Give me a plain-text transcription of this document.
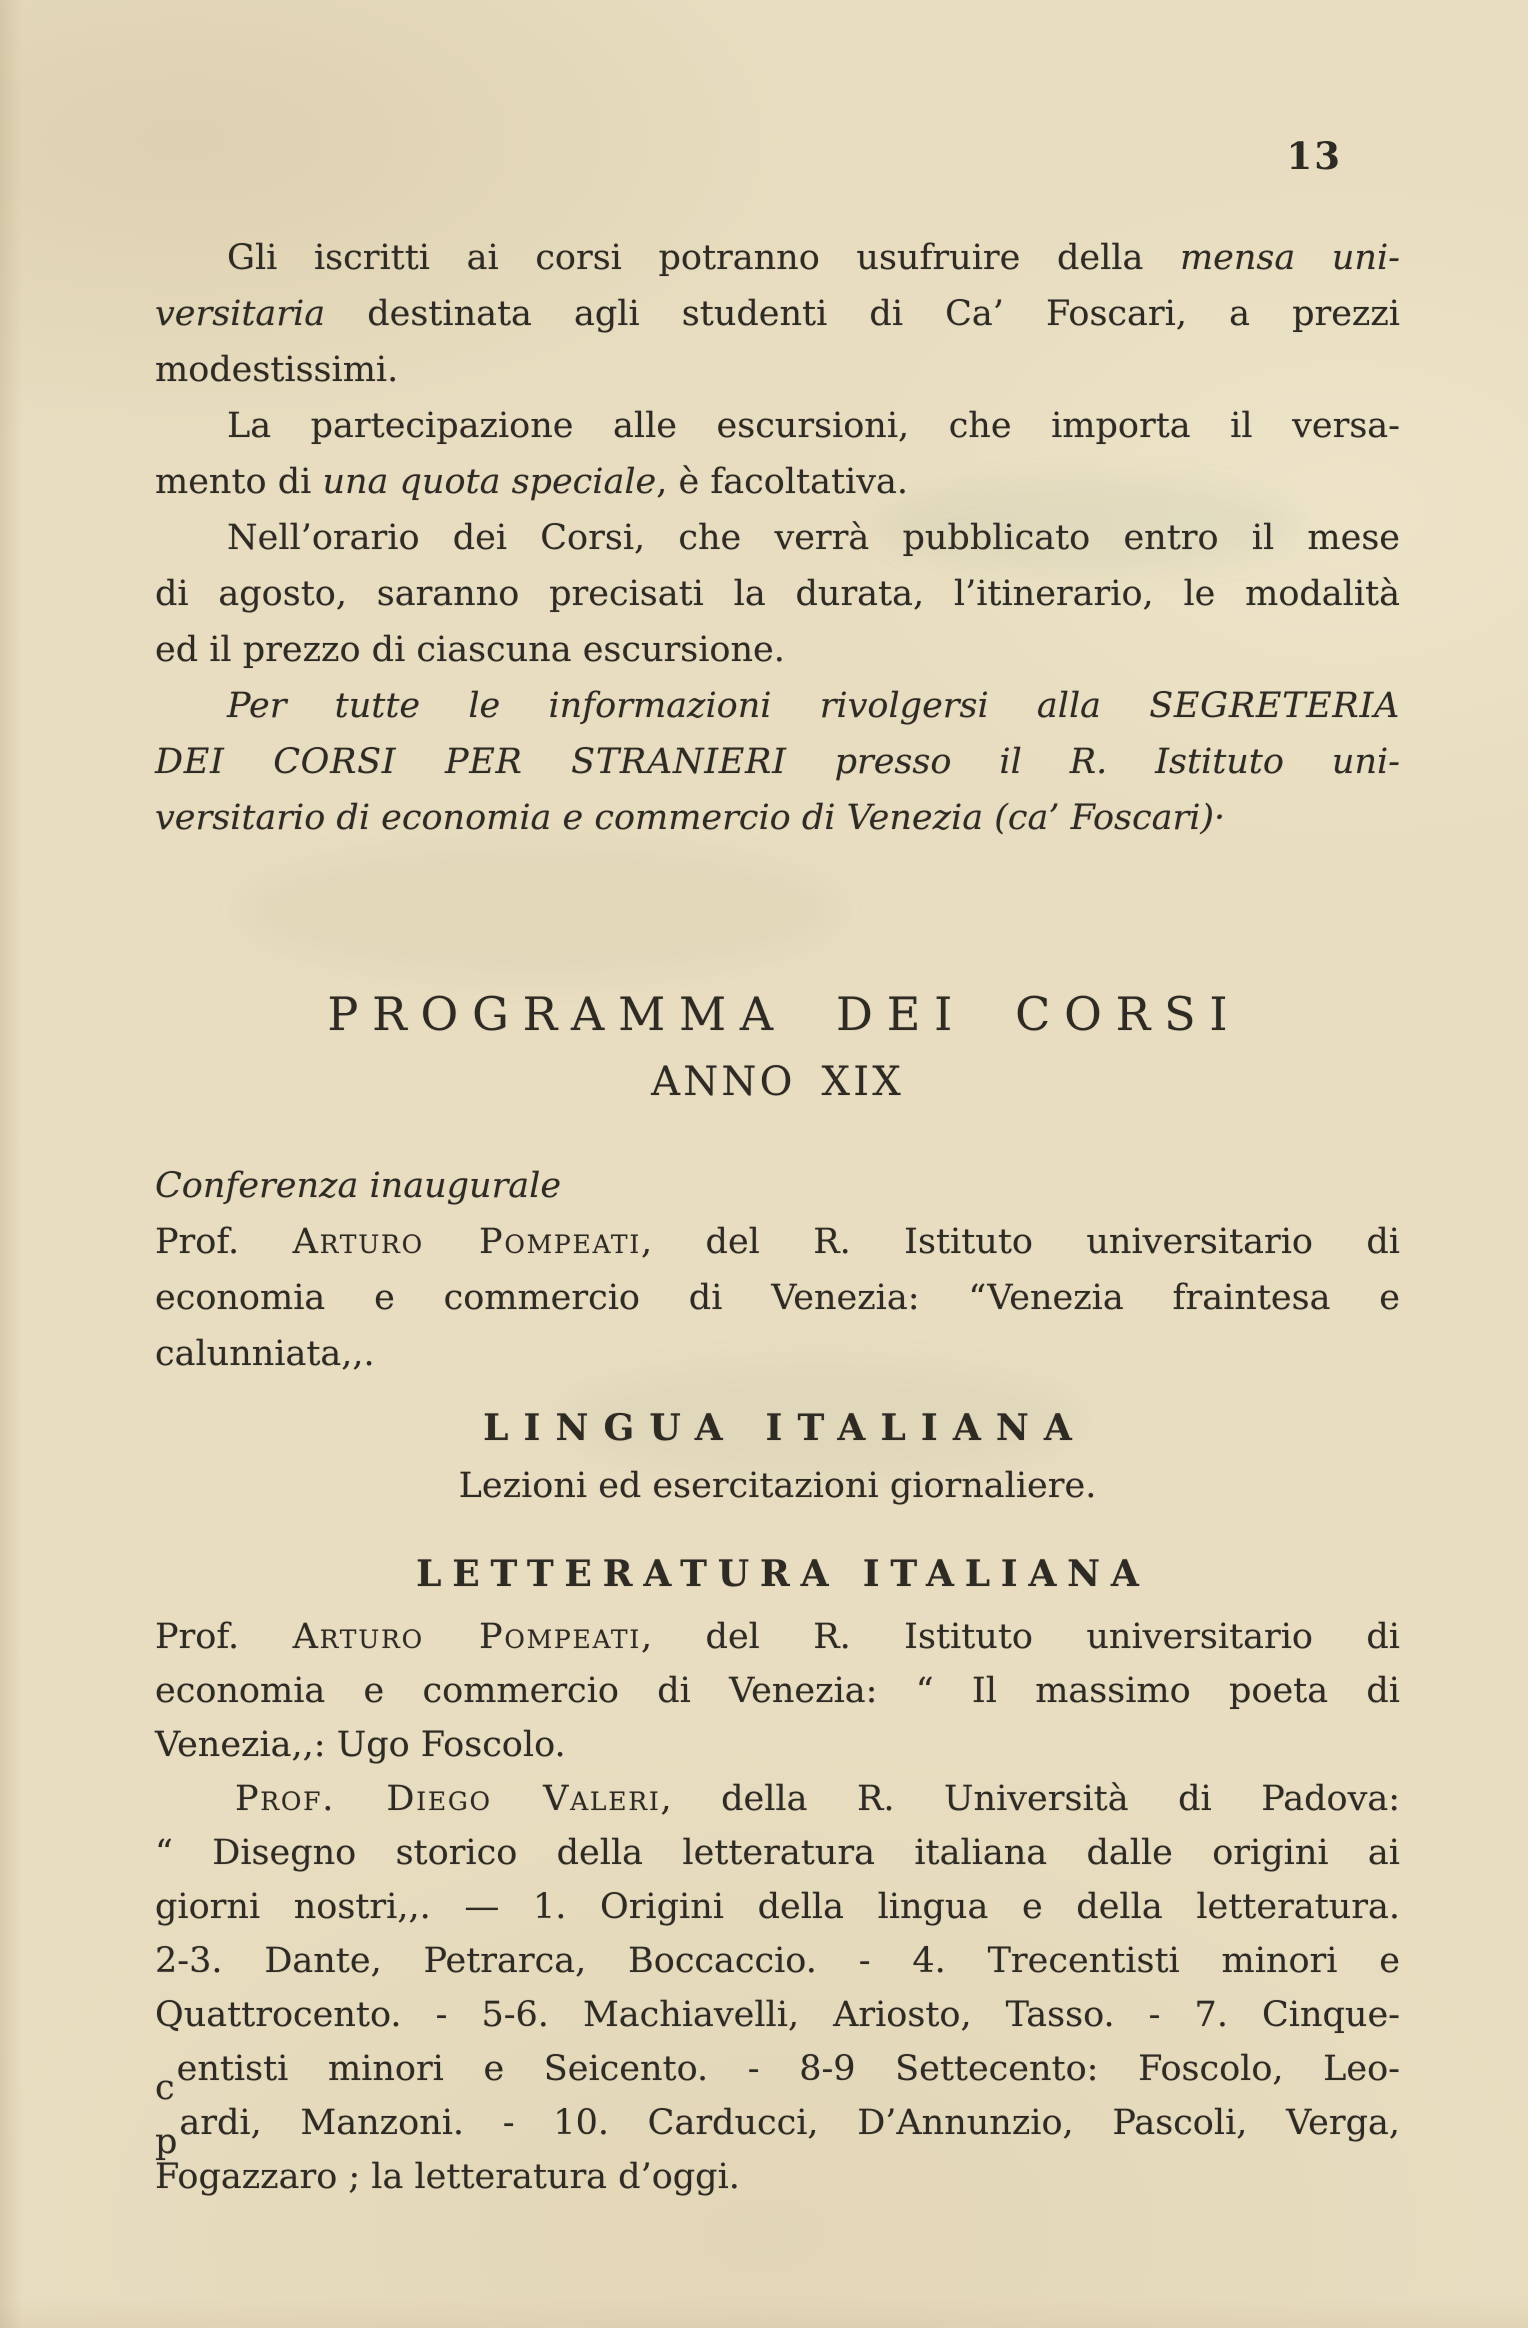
13
Gli iscritti ai corsi potranno usufruire della mensa uni-
versitaria destinata agli studenti di Ca’ Foscari, a prezzi
modestissimi.
La partecipazione alle escursioni, che importa il versa-
mento di una quota speciale, è facoltativa.
Nell’orario dei Corsi, che verrà pubblicato entro il mese
di agosto, saranno precisati la durata, l’itinerario, le modalità
ed il prezzo di ciascuna escursione.
Per tutte le informazioni rivolgersi alla SEGRETERIA
DEI CORSI PER STRANIERI presso il R. Istituto uni-
versitario di economia e commercio di Venezia (ca’ Foscari)·
PROGRAMMA DEI CORSI
ANNO XIX
Conferenza inaugurale
Prof. Arturo Pompeati, del R. Istituto universitario di
economia e commercio di Venezia: “Venezia fraintesa e
calunniata,,.
LINGUA ITALIANA
Lezioni ed esercitazioni giornaliere.
LETTERATURA ITALIANA
Prof. Arturo Pompeati, del R. Istituto universitario di
economia e commercio di Venezia: “ Il massimo poeta di
Venezia,,: Ugo Foscolo.
Prof. Diego Valeri, della R. Università di Padova:
“ Disegno storico della letteratura italiana dalle origini ai
giorni nostri,,. — 1. Origini della lingua e della letteratura.
2-3. Dante, Petrarca, Boccaccio. - 4. Trecentisti minori e
Quattrocento. - 5-6. Machiavelli, Ariosto, Tasso. - 7. Cinque-
centisti minori e Seicento. - 8-9 Settecento: Foscolo, Leo-
pardi, Manzoni. - 10. Carducci, D’Annunzio, Pascoli, Verga,
Fogazzaro ; la letteratura d’oggi.
